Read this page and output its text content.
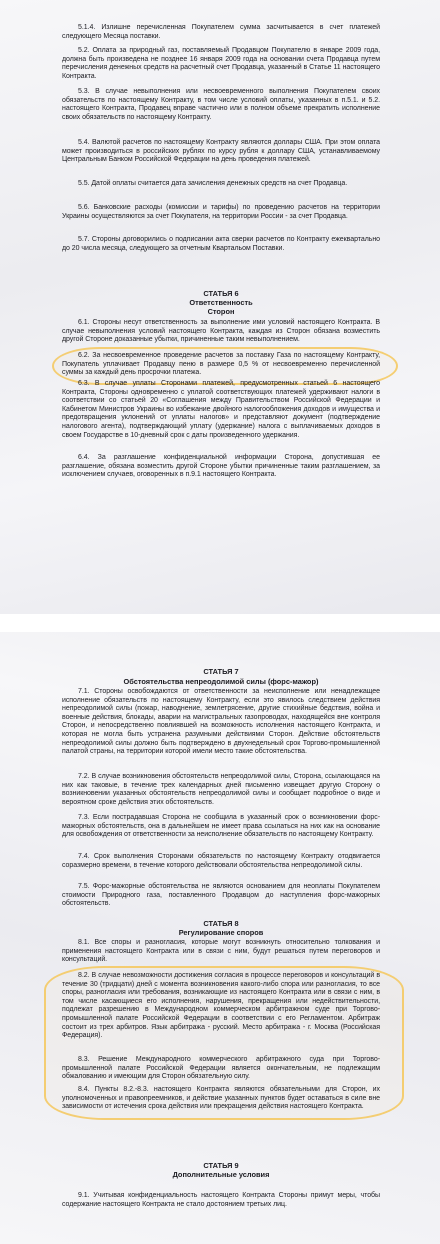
5.1.4. Излишне перечисленная Покупателем сумма засчитывается в счет платежей следующего Месяца поставки.

5.2. Оплата за природный газ, поставляемый Продавцом Покупателю в январе 2009 года, должна быть произведена не позднее 16 января 2009 года на основании счета Продавца путем перечисления денежных средств на расчетный счет Продавца, указанный в Статье 11 настоящего Контракта.

5.3. В случае невыполнения или несвоевременного выполнения Покупателем своих обязательств по настоящему Контракту, в том числе условий оплаты, указанных в п.5.1. и 5.2. настоящего Контракта, Продавец вправе частично или в полном объеме прекратить исполнение своих обязательств по настоящему Контракту.

5.4. Валютой расчетов по настоящему Контракту являются доллары США. При этом оплата может производиться в российских рублях по курсу рубля к доллару США, устанавливаемому Центральным Банком Российской Федерации на день проведения платежей.

5.5. Датой оплаты считается дата зачисления денежных средств на счет Продавца.

5.6. Банковские расходы (комиссии и тарифы) по проведению расчетов на территории Украины осуществляются за счет Покупателя, на территории России - за счет Продавца.

5.7. Стороны договорились о подписании акта сверки расчетов по Контракту ежеквартально до 20 числа месяца, следующего за отчетным Квартальом Поставки.

СТАТЬЯ 6

Ответственность

Сторон

6.1. Стороны несут ответственность за выполнение ими условий настоящего Контракта. В случае невыполнения условий настоящего Контракта, каждая из Сторон обязана возместить другой Стороне доказанные убытки, причиненные таким невыполнением.

6.2. За несвоевременное проведение расчетов за поставку Газа по настоящему Контракту, Покупатель уплачивает Продавцу пеню в размере 0,5 % от несвоевременно перечисленной суммы за каждый день просрочки платежа.

6.3. В случае уплаты Сторонами платежей, предусмотренных статьей 6 настоящего Контракта, Стороны одновременно с уплатой соответствующих платежей удерживают налоги в соответствии со статьей 20 «Соглашения между Правительством Российской Федерации и Кабинетом Министров Украины во избежание двойного налогообложения доходов и имущества и предотвращения уклонений от уплаты налогов» и представляют документ (подтверждение налогового агента), подтверждающий уплату (удержание) налога с выплачиваемых доходов в своем Государстве в 10-дневный срок с даты произведенного удержания.

6.4. За разглашение конфиденциальной информации Сторона, допустившая ее разглашение, обязана возместить другой Стороне убытки причиненные таким разглашением, за исключением случаев, оговоренных в п.9.1 настоящего Контракта.

СТАТЬЯ 7

Обстоятельства непреодолимой силы (форс-мажор)

7.1. Стороны освобождаются от ответственности за неисполнение или ненадлежащее исполнение обязательств по настоящему Контракту, если это явилось следствием действия непреодолимой силы (пожар, наводнение, землетрясение, другие стихийные бедствия, война и военные действия, блокады, аварии на магистральных газопроводах, находящейся вне контроля Сторон, и непосредственно повлиявшей на возможность исполнения настоящего Контракта, и которая не могла быть устранена разумными действиями Сторон. Действие обстоятельств непреодолимой силы должно быть подтверждено в двухнедельный срок Торгово-промышленной палатой страны, на территории которой имели место такие обстоятельства.

7.2. В случае возникновения обстоятельств непреодолимой силы, Сторона, ссылающаяся на них как таковые, в течение трех календарных дней письменно извещает другую Сторону о возникновении указанных обстоятельств непреодолимой силы и сообщает подробное о виде и вероятном сроке действия этих обстоятельств.

7.3. Если пострадавшая Сторона не сообщила в указанный срок о возникновении форс-мажорных обстоятельств, она в дальнейшем не имеет права ссылаться на них как на основание для освобождения от ответственности за неисполнение обязательств по настоящему Контракту.

7.4. Срок выполнения Сторонами обязательств по настоящему Контракту отодвигается соразмерно времени, в течение которого действовали обстоятельства непреодолимой силы.

7.5. Форс-мажорные обстоятельства не являются основанием для неоплаты Покупателем стоимости Природного газа, поставленного Продавцом до наступления форс-мажорных обстоятельств.

СТАТЬЯ 8

Регулирование споров

8.1. Все споры и разногласия, которые могут возникнуть относительно толкования и применения настоящего Контракта или в связи с ним, будут решаться путем переговоров и консультаций.

8.2. В случае невозможности достижения согласия в процессе переговоров и консультаций в течение 30 (тридцати) дней с момента возникновения какого-либо спора или разногласия, то все споры, разногласия или требования, возникающие из настоящего Контракта или в связи с ним, в том числе касающиеся его исполнения, нарушения, прекращения или недействительности, подлежат разрешению в Международном коммерческом арбитражном суде при Торгово-промышленной палате Российской Федерации в соответствии с его Регламентом. Арбитраж состоит из трех арбитров. Язык арбитража - русский. Место арбитража - г. Москва (Российская Федерация).

8.3. Решение Международного коммерческого арбитражного суда при Торгово-промышленной палате Российской Федерации является окончательным, не подлежащим обжалованию и имеющим для Сторон обязательную силу.

8.4. Пункты 8.2.-8.3. настоящего Контракта являются обязательными для Сторон, их уполномоченных и правопреемников, и действие указанных пунктов будет оставаться в силе вне зависимости от истечения срока действия или прекращения действия настоящего Контракта.

СТАТЬЯ 9

Дополнительные условия

9.1. Учитывая конфиденциальность настоящего Контракта Стороны примут меры, чтобы содержание настоящего Контракта не стало достоянием третьих лиц.
